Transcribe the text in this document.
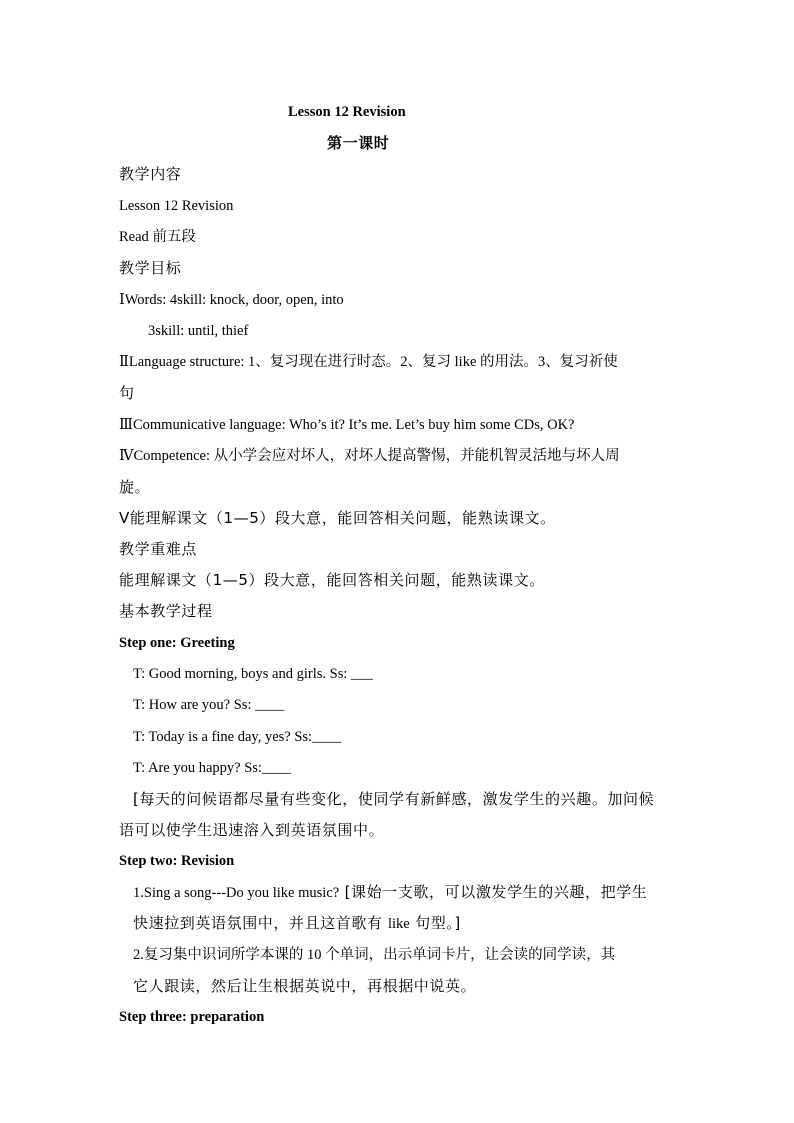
Lesson 12 Revision
第一课时
教学内容
Lesson 12 Revision
Read 前五段
教学目标
ⅠWords: 4skill: knock, door, open, into
3skill: until, thief
ⅡLanguage structure: 1、复习现在进行时态。2、复习 like 的用法。3、复习祈使
句
ⅢCommunicative language: Who’s it? It’s me. Let’s buy him some CDs, OK?
ⅣCompetence: 从小学会应对坏人，对坏人提高警惕，并能机智灵活地与坏人周
旋。
Ⅴ能理解课文（1—5）段大意，能回答相关问题，能熟读课文。
教学重难点
能理解课文（1—5）段大意，能回答相关问题，能熟读课文。
基本教学过程
Step one: Greeting
T: Good morning, boys and girls. Ss: ___
T: How are you? Ss: ____
T: Today is a fine day, yes? Ss:____
T: Are you happy? Ss:____
[每天的问候语都尽量有些变化，使同学有新鲜感，激发学生的兴趣。加问候
语可以使学生迅速溶入到英语氛围中。
Step two: Revision
1.Sing a song---Do you like music? [课始一支歌，可以激发学生的兴趣，把学生
快速拉到英语氛围中，并且这首歌有 like 句型。]
2.复习集中识词所学本课的 10 个单词，出示单词卡片，让会读的同学读，其
它人跟读，然后让生根据英说中，再根据中说英。
Step three: preparation
